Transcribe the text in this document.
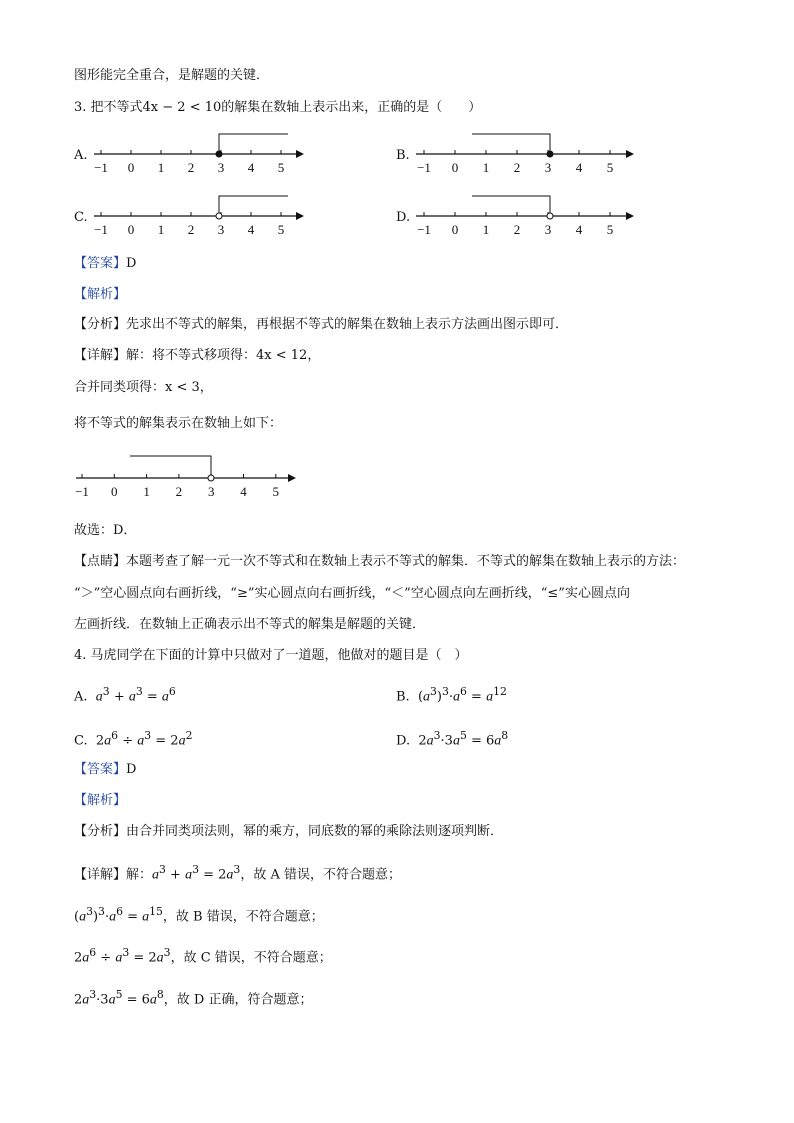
图形能完全重合，是解题的关键．
3. 把不等式4x − 2 < 10的解集在数轴上表示出来，正确的是（　　）
A.	B.
C.	D.
−1 0 1 2 3 4 5	−1 0 1 2 3 4 5
−1 0 1 2 3 4 5	−1 0 1 2 3 4 5
【答案】D
【解析】
【分析】先求出不等式的解集，再根据不等式的解集在数轴上表示方法画出图示即可．
【详解】解：将不等式移项得：4x < 12，
合并同类项得：x < 3，
将不等式的解集表示在数轴上如下：
−1 0 1 2 3 4 5
故选：D．
【点睛】本题考查了解一元一次不等式和在数轴上表示不等式的解集．不等式的解集在数轴上表示的方法：
“＞”空心圆点向右画折线，“≥”实心圆点向右画折线，“＜”空心圆点向左画折线，“≤”实心圆点向
左画折线．在数轴上正确表示出不等式的解集是解题的关键．
4. 马虎同学在下面的计算中只做对了一道题，他做对的题目是（　）
A. $a^3 + a^3 = a^6$	B.  $(a^3)^3\cdot a^6 = a^{12}$
C.  $2a^6 \div a^3 = 2a^2$	D.  $2a^3\cdot 3a^5 = 6a^8$
【答案】D
【解析】
【分析】由合并同类项法则，幂的乘方，同底数的幂的乘除法则逐项判断．
【详解】解：$a^3 + a^3 = 2a^3$，故 A 错误，不符合题意；
$(a^3)^3\cdot a^6 = a^{15}$，故 B 错误，不符合题意；
$2a^6 \div a^3 = 2a^3$，故 C 错误，不符合题意；
$2a^3\cdot 3a^5 = 6a^8$，故 D 正确，符合题意；
